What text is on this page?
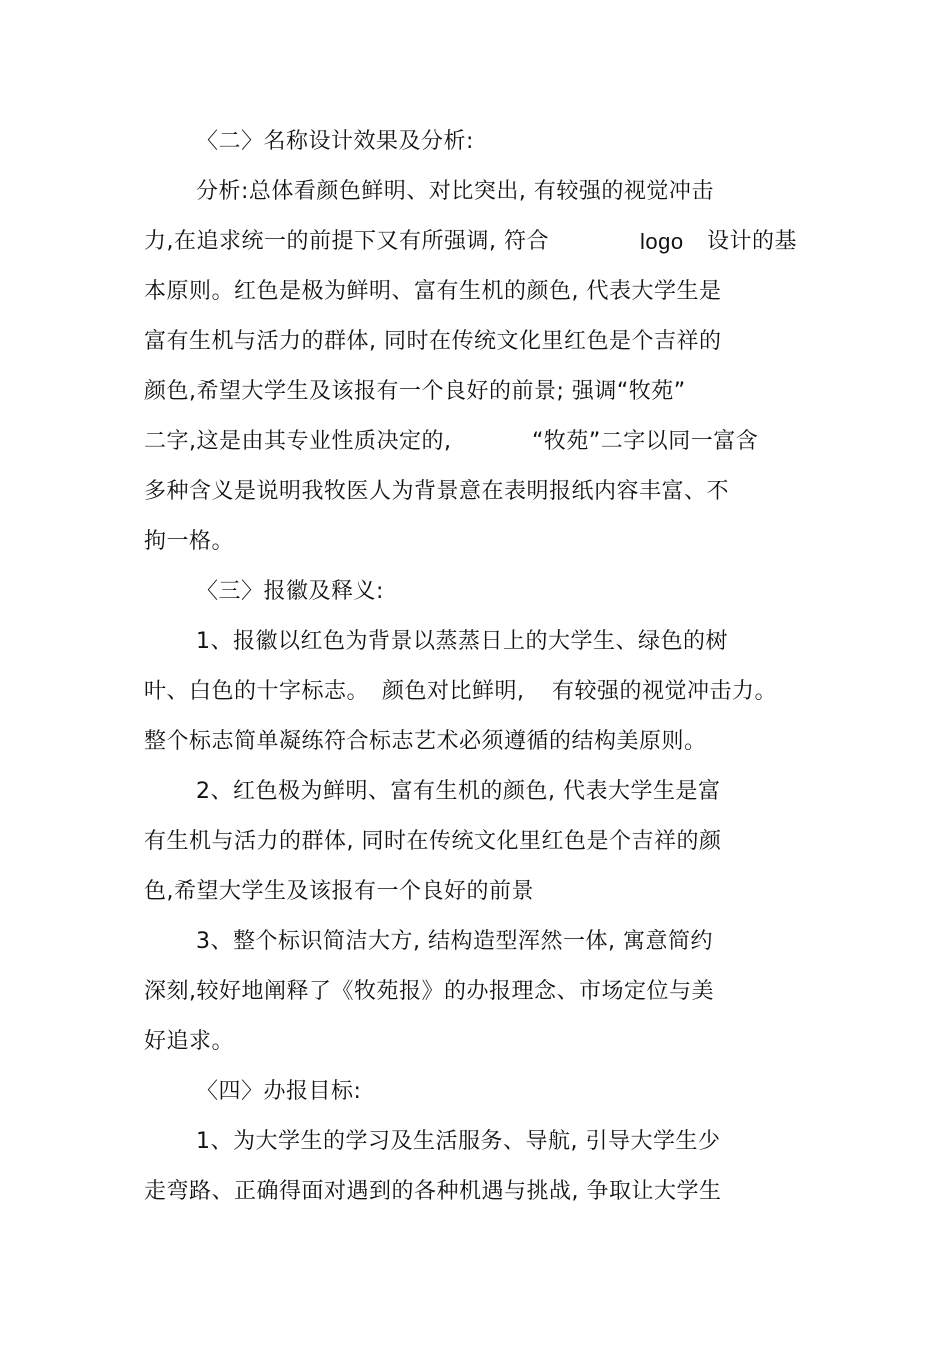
〈二〉名称设计效果及分析:
分析:总体看颜色鲜明、对比突出, 有较强的视觉冲击
力,在追求统一的前提下又有所强调, 符合	logo 设计的基
本原则。红色是极为鲜明、富有生机的颜色, 代表大学生是
富有生机与活力的群体, 同时在传统文化里红色是个吉祥的
颜色,希望大学生及该报有一个良好的前景; 强调“牧苑”
二字,这是由其专业性质决定的,	“牧苑”二字以同一富含
多种含义是说明我牧医人为背景意在表明报纸内容丰富、不
拘一格。
〈三〉报徽及释义:
1、报徽以红色为背景以蒸蒸日上的大学生、绿色的树
叶、白色的十字标志。 颜色对比鲜明, 有较强的视觉冲击力。
整个标志简单凝练符合标志艺术必须遵循的结构美原则。
2、红色极为鲜明、富有生机的颜色, 代表大学生是富
有生机与活力的群体, 同时在传统文化里红色是个吉祥的颜
色,希望大学生及该报有一个良好的前景
3、整个标识简洁大方, 结构造型浑然一体, 寓意简约
深刻,较好地阐释了《牧苑报》的办报理念、市场定位与美
好追求。
〈四〉办报目标:
1、为大学生的学习及生活服务、导航, 引导大学生少
走弯路、正确得面对遇到的各种机遇与挑战, 争取让大学生
